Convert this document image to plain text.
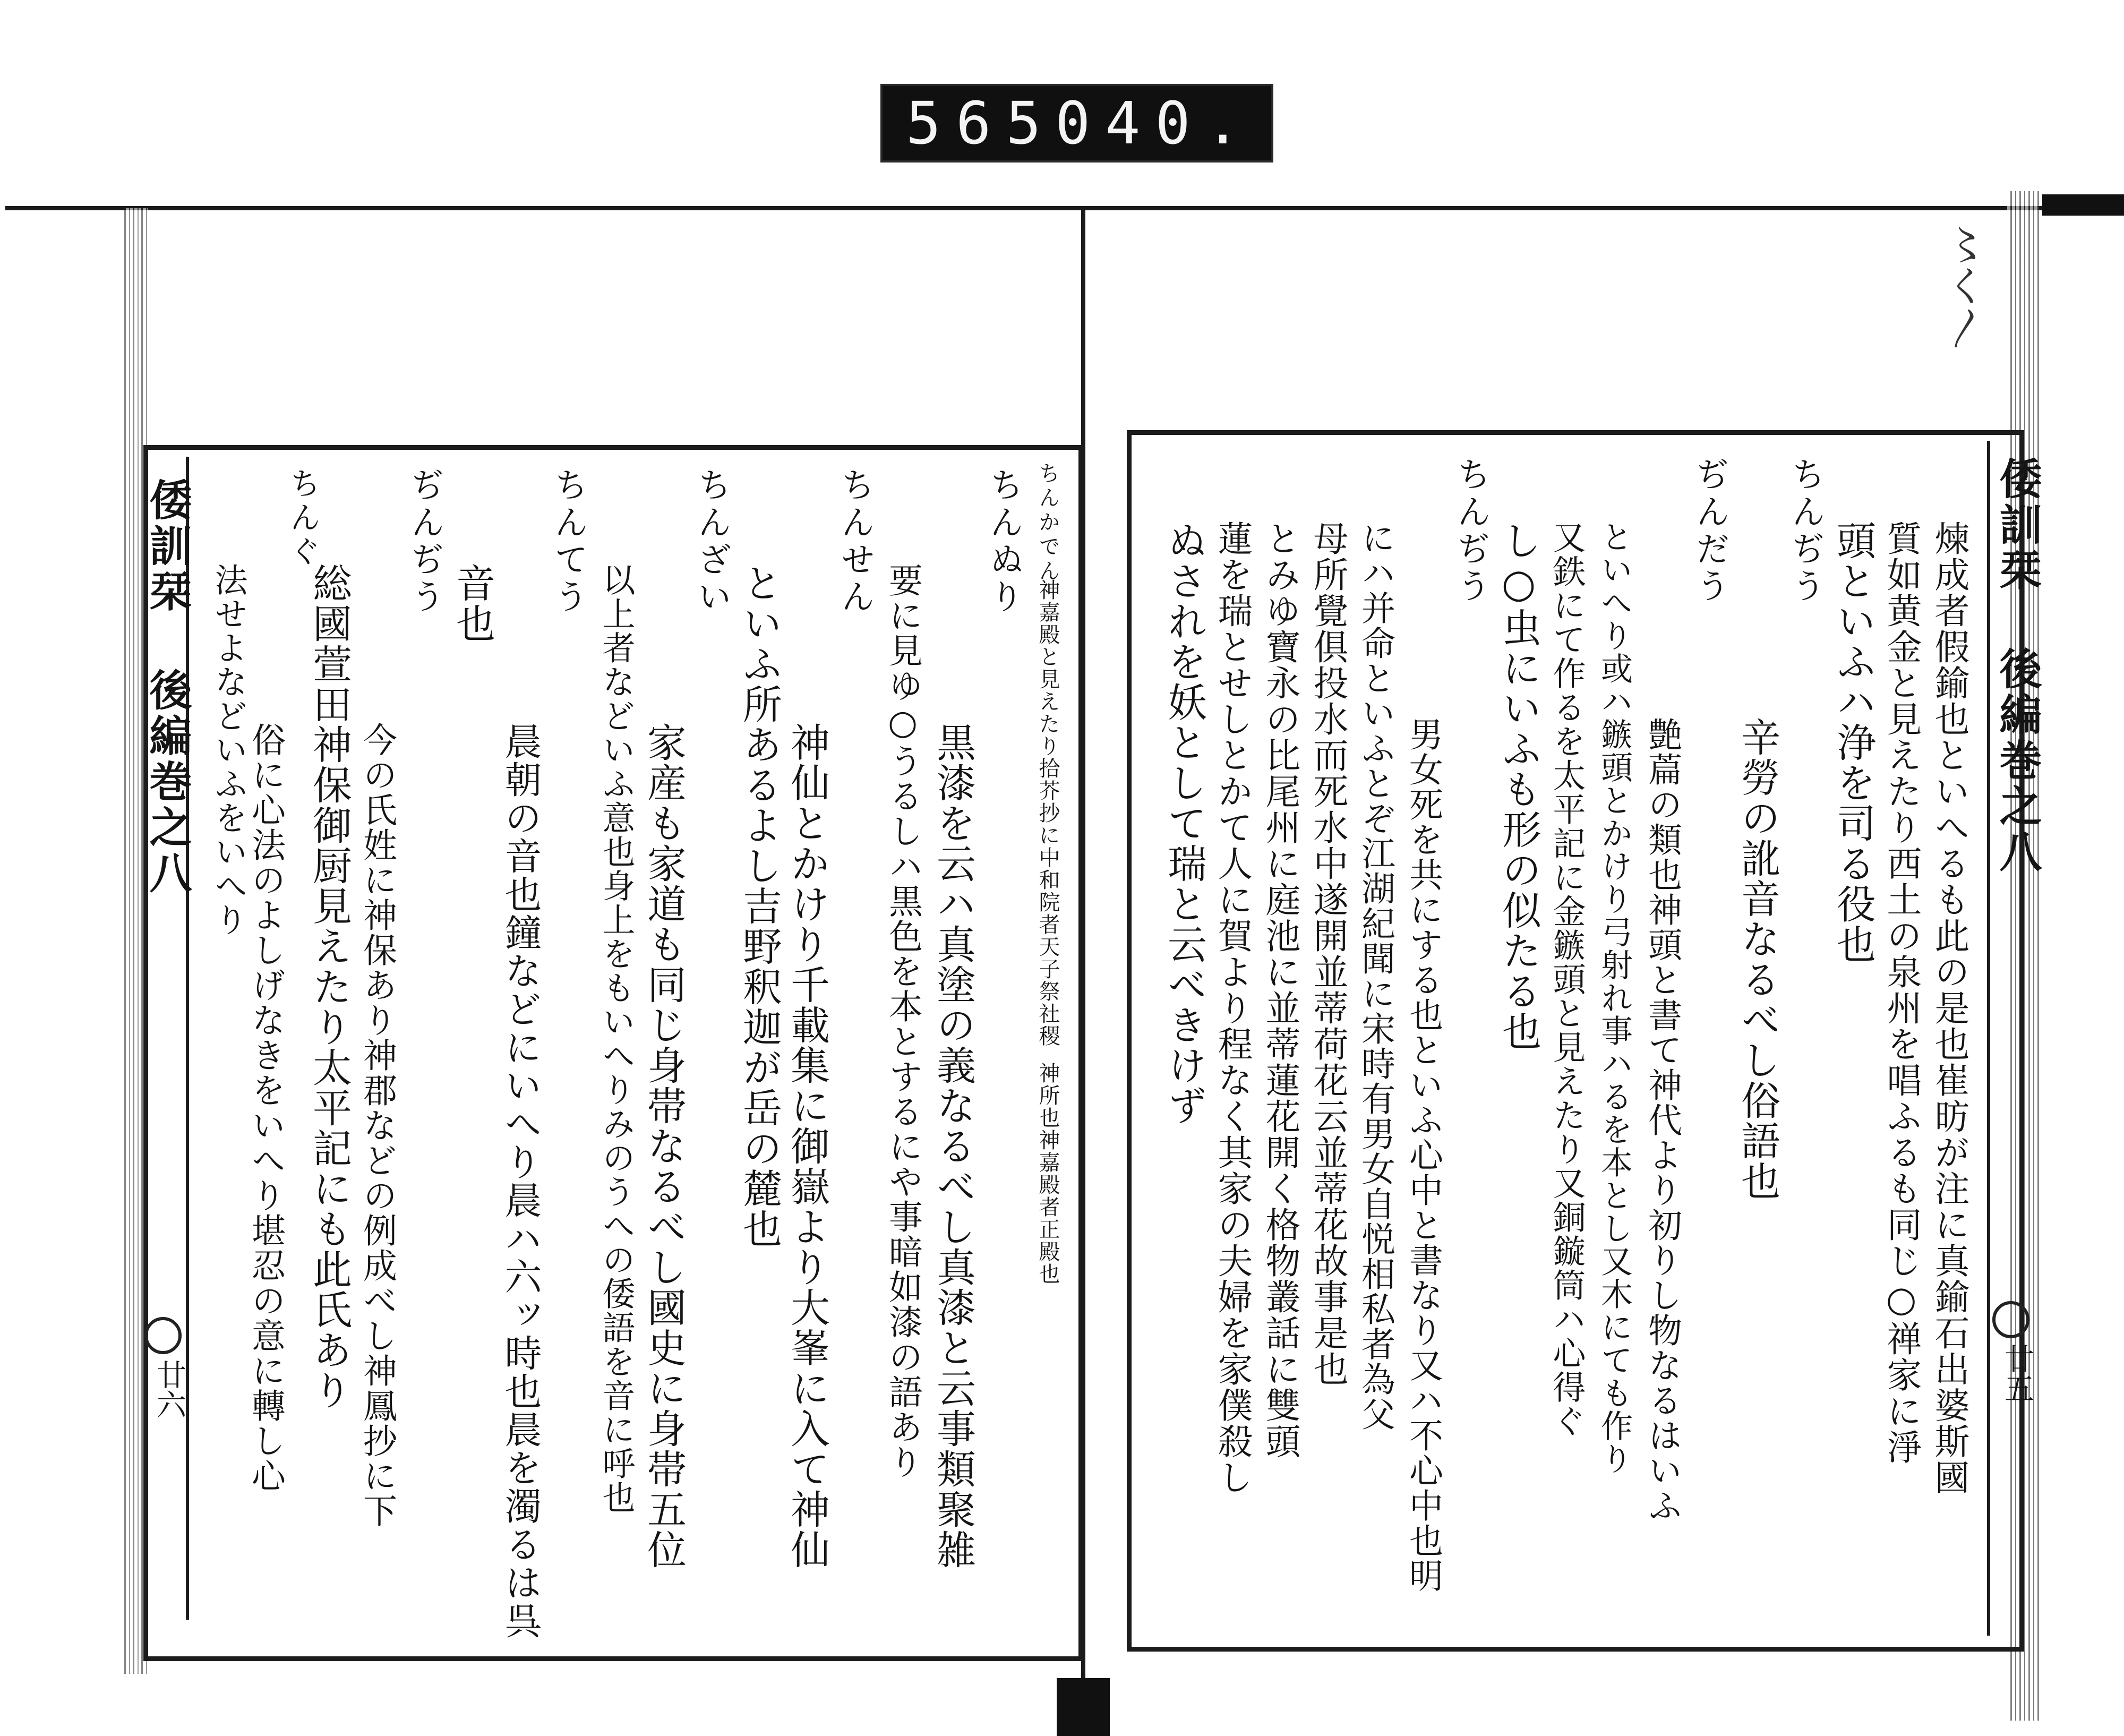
565
040.
〻く〳
倭訓栞 後編巻之八
廿六
ちんぬり
黒漆を云ハ真塗の義なるべし真漆と云事類聚雑
要に見ゆ○うるしハ黒色を本とするにや事暗如漆の語あり
ちんせん
神仙とかけり千載集に御嶽より大峯に入て神仙
といふ所あるよし吉野釈迦が岳の麓也
ちんざい
家産も家道も同じ身帯なるべし國史に身帯五位
以上者などいふ意也身上をもいへりみのうへの倭語を音に呼也
ちんてう
晨朝の音也鐘などにいへり晨ハ六ッ時也晨を濁るは呉
音也
ぢんぢう
今の氏姓に神保あり神郡などの例成べし神鳳抄に下
総國萱田神保御厨見えたり太平記にも此氏あり
ちんぐ
俗に心法のよしげなきをいへり堪忍の意に轉し心
法せよなどいふをいへり
ちんかでん
神嘉殿と見えたり拾芥抄に中和院者天子祭社稷
神所也神嘉殿者正殿也
倭訓栞 後編巻之八
廿五
煉成者假鍮也といへるも此の是也崔昉が注に真鍮石出婆斯國
質如黄金と見えたり西土の泉州を唱ふるも同じ○禅家に淨
頭といふハ浄を司る役也
ちんぢう
辛勞の訛音なるべし俗語也
ぢんだう
艶萹の類也神頭と書て神代より初りし物なるはいふ
といへり或ハ鏃頭とかけり弓射れ事ハるを本とし又木にても作り
又鉄にて作るを太平記に金鏃頭と見えたり又銅鏇筒ハ心得ぐ
し○虫にいふも形の似たる也
ちんぢう
男女死を共にする也といふ心中と書なり又ハ不心中也明
にハ并命といふとぞ江湖紀聞に宋時有男女自悦相私者為父
母所覺俱投水而死水中遂開並蒂荷花云並蒂花故事是也
とみゆ寶永の比尾州に庭池に並蒂蓮花開く格物叢話に雙頭
蓮を瑞とせしとかて人に賀より程なく其家の夫婦を家僕殺し
ぬされを妖として瑞と云べきけず
